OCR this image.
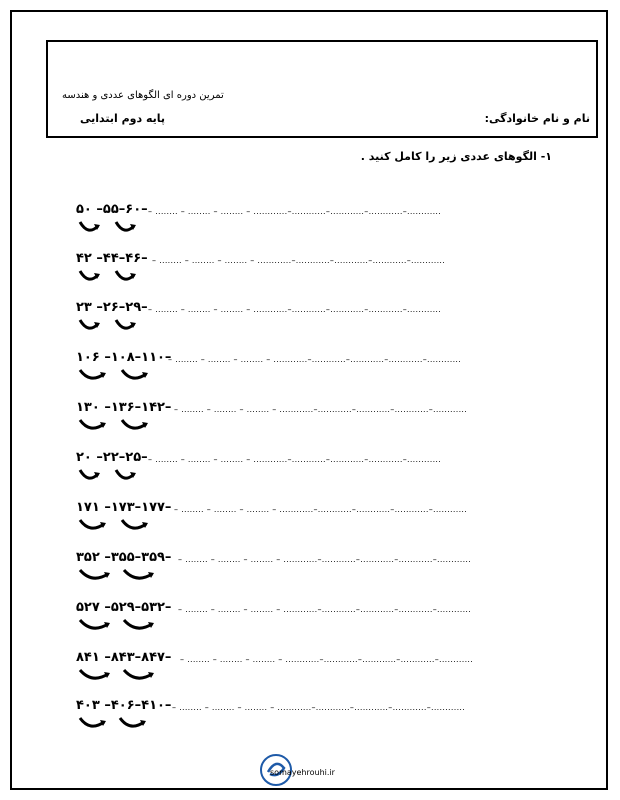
تمرین دوره ای الگوهای عددی و هندسه
نام و نام خانوادگی:
پایه دوم ابتدایی
۱- الگوهای عددی زیر را کامل کنید .
۵۰ –۵۵–۶۰– – ........ – ........ – ........ – ............–............–............–............–............
۴۲ –۴۴–۴۶– – ........ – ........ – ........ – ............–............–............–............–............
۲۳ –۲۶–۲۹– – ........ – ........ – ........ – ............–............–............–............–............
۱۰۶ –۱۰۸–۱۱۰–
– ........ – ........ – ........ – ............–............–............–............–............
۱۳۰ –۱۳۶–۱۴۲– – ........ – ........ – ........ – ............–............–............–............–............
۲۰ –۲۲–۲۵– – ........ – ........ – ........ – ............–............–............–............–............
۱۷۱ –۱۷۳–۱۷۷– – ........ – ........ – ........ – ............–............–............–............–............
۳۵۲ –۳۵۵–۳۵۹– – ........ – ........ – ........ – ............–............–............–............–............
۵۲۷ –۵۲۹–۵۳۲– – ........ – ........ – ........ – ............–............–............–............–............
۸۴۱ –۸۴۳–۸۴۷– – ........ – ........ – ........ – ............–............–............–............–............
۴۰۳ –۴۰۶–۴۱۰– – ........ – ........ – ........ – ............–............–............–............–............
somayehrouhi.ir
